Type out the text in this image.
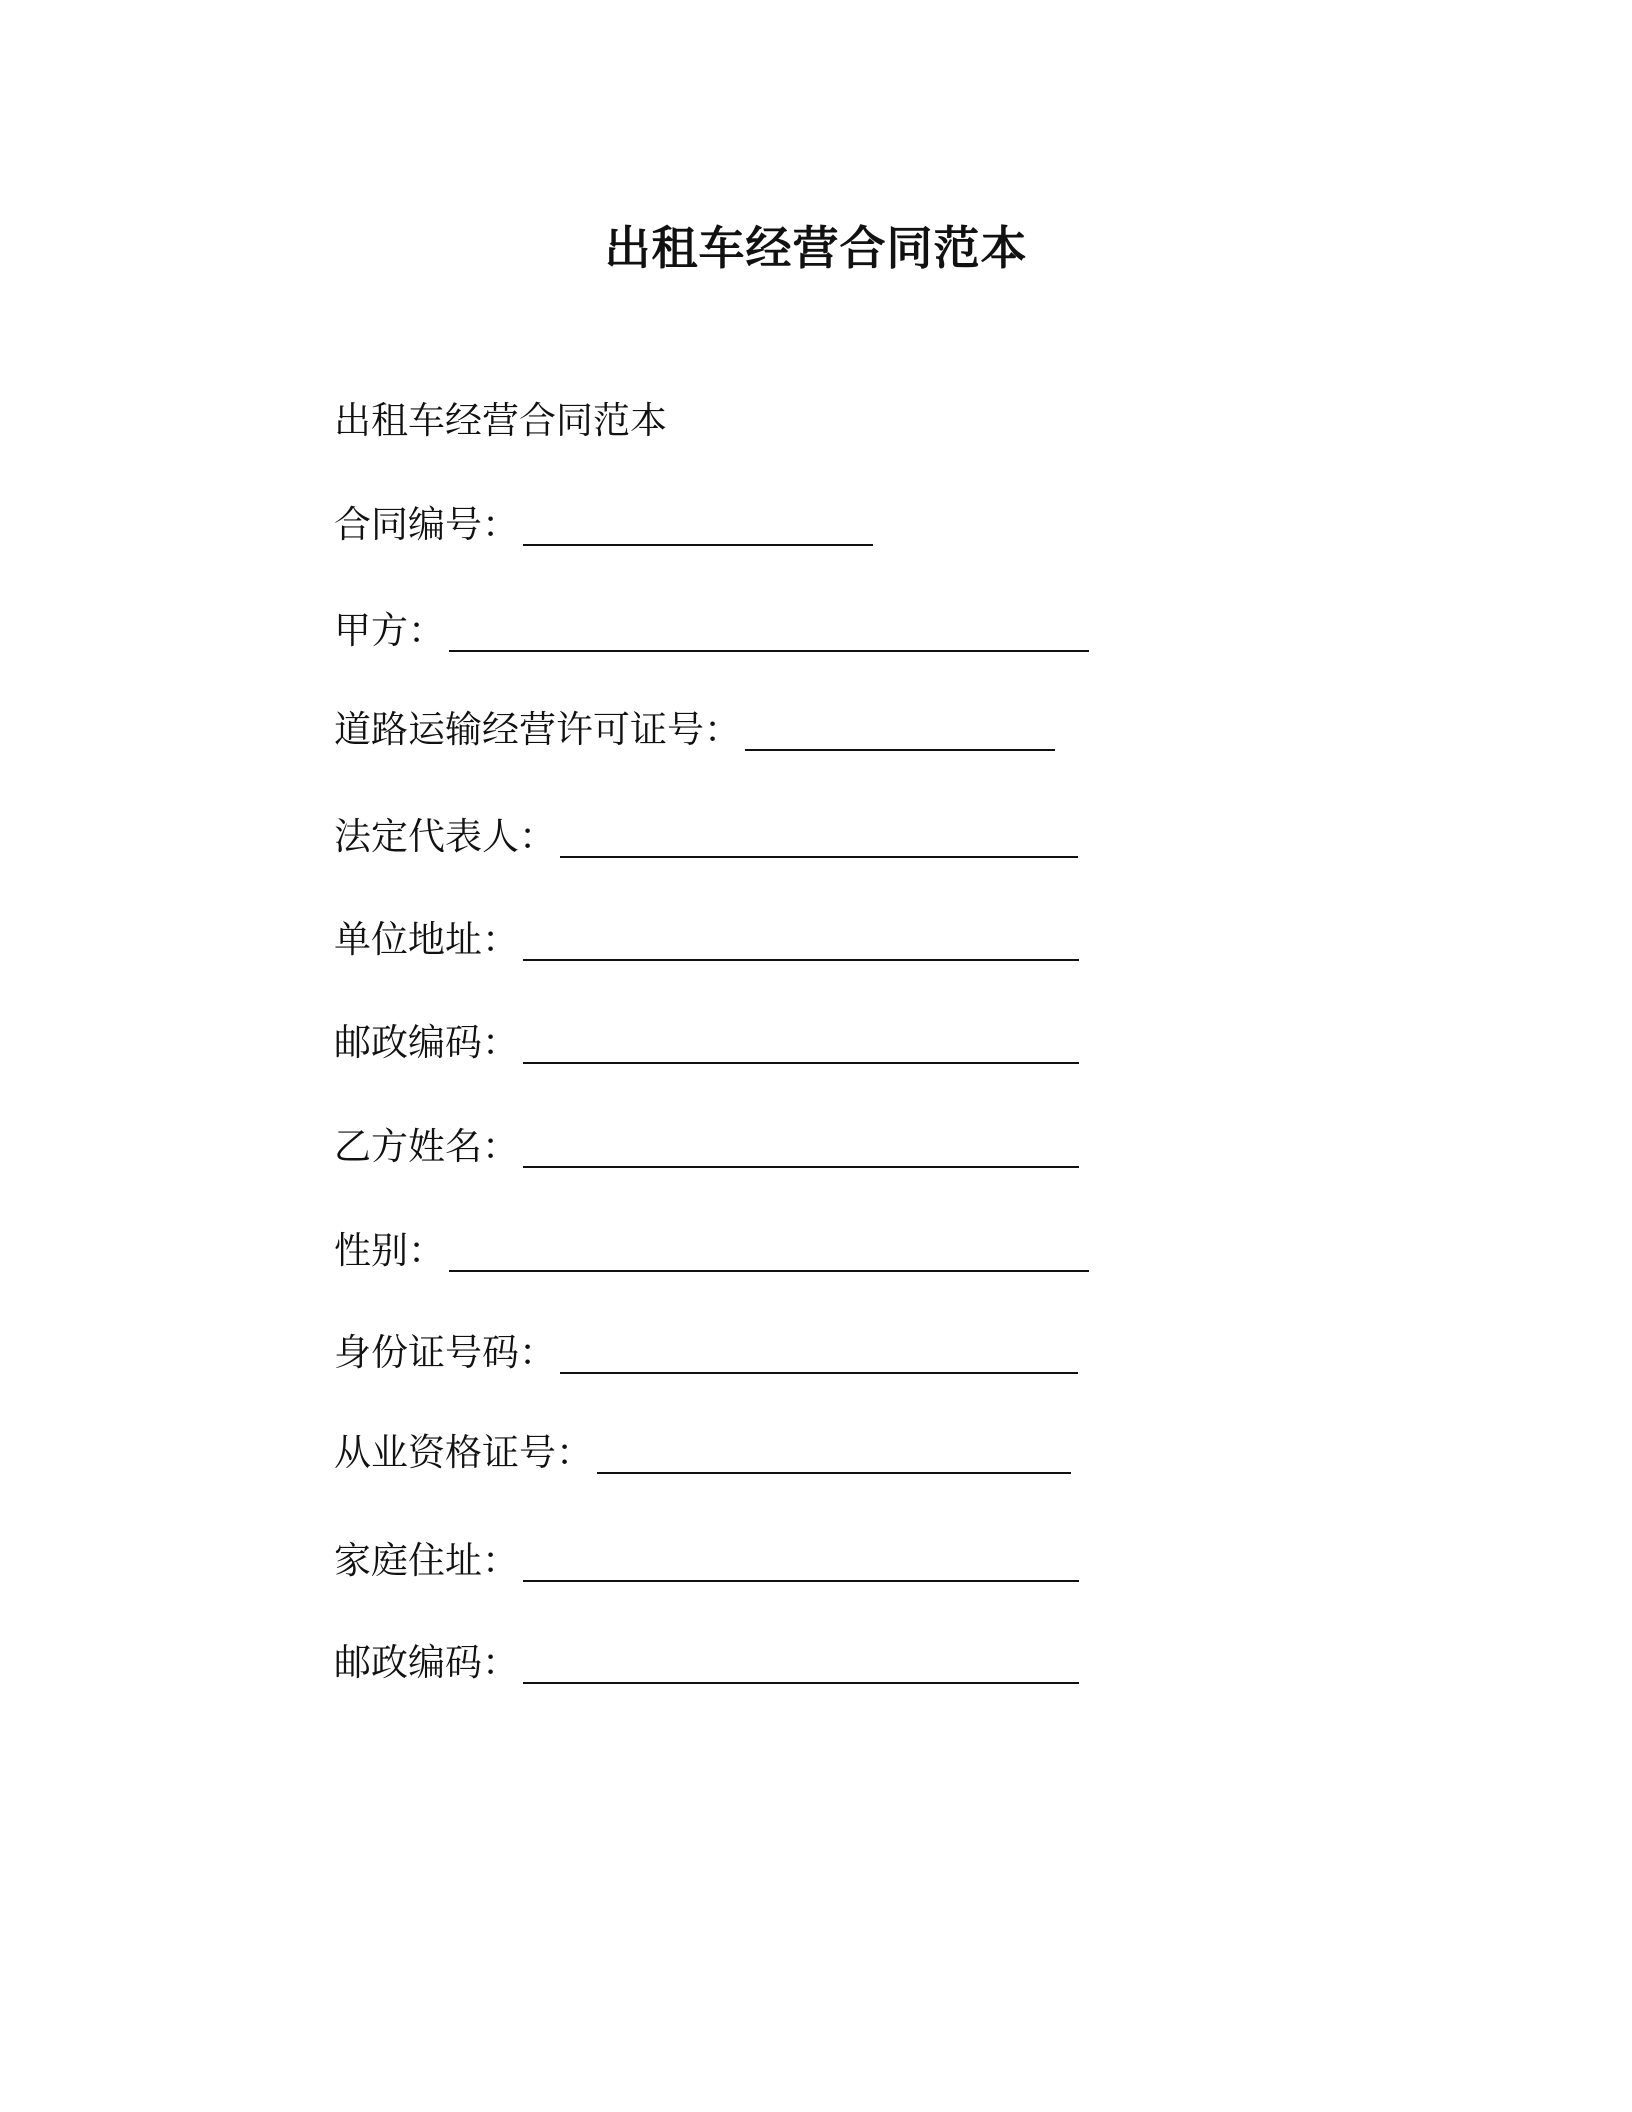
出租车经营合同范本
出租车经营合同范本
合同编号：
甲方：
道路运输经营许可证号：
法定代表人：
单位地址：
邮政编码：
乙方姓名：
性别：
身份证号码：
从业资格证号：
家庭住址：
邮政编码：
